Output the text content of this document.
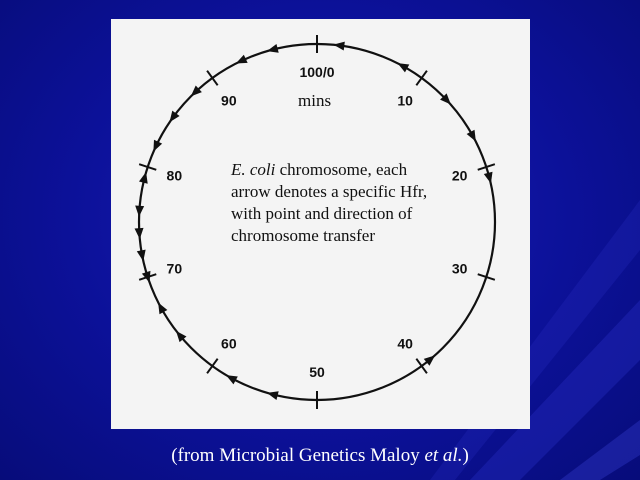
100/0
10
20
30
40
50
60
70
80
90	mins

E. coli chromosome, each arrow denotes a specific Hfr, with point and direction of chromosome transfer

(from Microbial Genetics Maloy et al.)
